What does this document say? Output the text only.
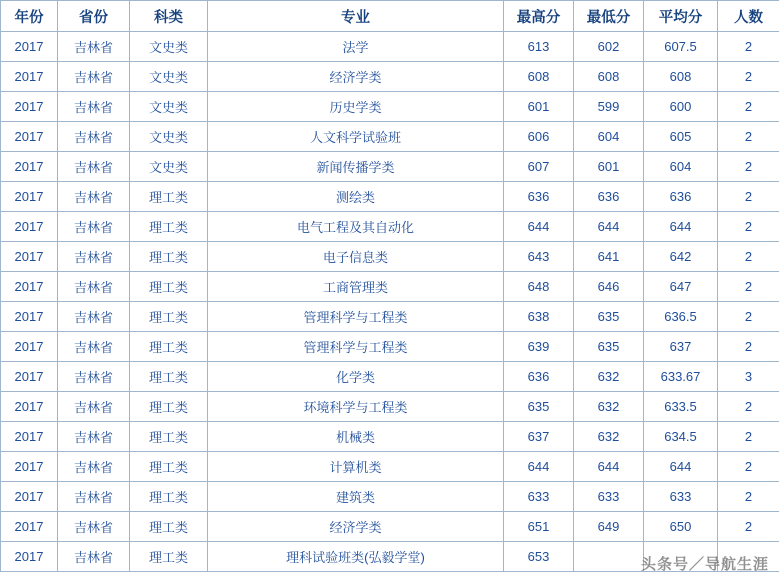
年份	省份	科类	专业	最高分	最低分	平均分	人数
2017	吉林省	文史类	法学	613	602	607.5	2
2017	吉林省	文史类	经济学类	608	608	608	2
2017	吉林省	文史类	历史学类	601	599	600	2
2017	吉林省	文史类	人文科学试验班	606	604	605	2
2017	吉林省	文史类	新闻传播学类	607	601	604	2
2017	吉林省	理工类	测绘类	636	636	636	2
2017	吉林省	理工类	电气工程及其自动化	644	644	644	2
2017	吉林省	理工类	电子信息类	643	641	642	2
2017	吉林省	理工类	工商管理类	648	646	647	2
2017	吉林省	理工类	管理科学与工程类	638	635	636.5	2
2017	吉林省	理工类	管理科学与工程类	639	635	637	2
2017	吉林省	理工类	化学类	636	632	633.67	3
2017	吉林省	理工类	环境科学与工程类	635	632	633.5	2
2017	吉林省	理工类	机械类	637	632	634.5	2
2017	吉林省	理工类	计算机类	644	644	644	2
2017	吉林省	理工类	建筑类	633	633	633	2
2017	吉林省	理工类	经济学类	651	649	650	2
2017	吉林省	理工类	理科试验班类(弘毅学堂)	653				头条号／导航生涯
